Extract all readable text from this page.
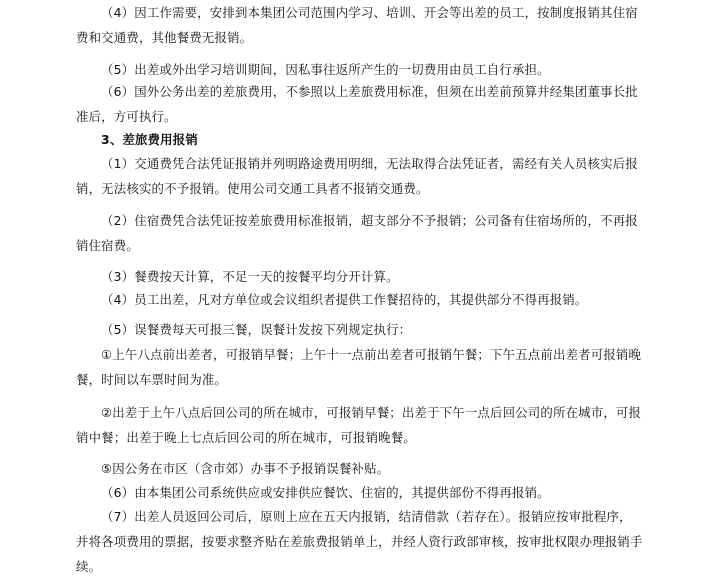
（4）因工作需要，安排到本集团公司范围内学习、培训、开会等出差的员工，按制度报销其住宿费和交通费，其他餐费无报销。

（5）出差或外出学习培训期间，因私事往返所产生的一切费用由员工自行承担。

（6）国外公务出差的差旅费用，不参照以上差旅费用标准，但须在出差前预算并经集团董事长批准后，方可执行。

3、差旅费用报销

（1）交通费凭合法凭证报销并列明路途费用明细，无法取得合法凭证者，需经有关人员核实后报销，无法核实的不予报销。使用公司交通工具者不报销交通费。

（2）住宿费凭合法凭证按差旅费用标准报销，超支部分不予报销；公司备有住宿场所的，不再报销住宿费。

（3）餐费按天计算，不足一天的按餐平均分开计算。

（4）员工出差，凡对方单位或会议组织者提供工作餐招待的，其提供部分不得再报销。

（5）误餐费每天可报三餐，误餐计发按下列规定执行：

①上午八点前出差者，可报销早餐；上午十一点前出差者可报销午餐；下午五点前出差者可报销晚餐，时间以车票时间为准。

②出差于上午八点后回公司的所在城市，可报销早餐；出差于下午一点后回公司的所在城市，可报销中餐；出差于晚上七点后回公司的所在城市，可报销晚餐。

⑤因公务在市区（含市郊）办事不予报销误餐补贴。

（6）由本集团公司系统供应或安排供应餐饮、住宿的，其提供部份不得再报销。

（7）出差人员返回公司后，原则上应在五天内报销，结清借款（若存在）。报销应按审批程序，并将各项费用的票据，按要求整齐贴在差旅费报销单上，并经人资行政部审核，按审批权限办理报销手续。
